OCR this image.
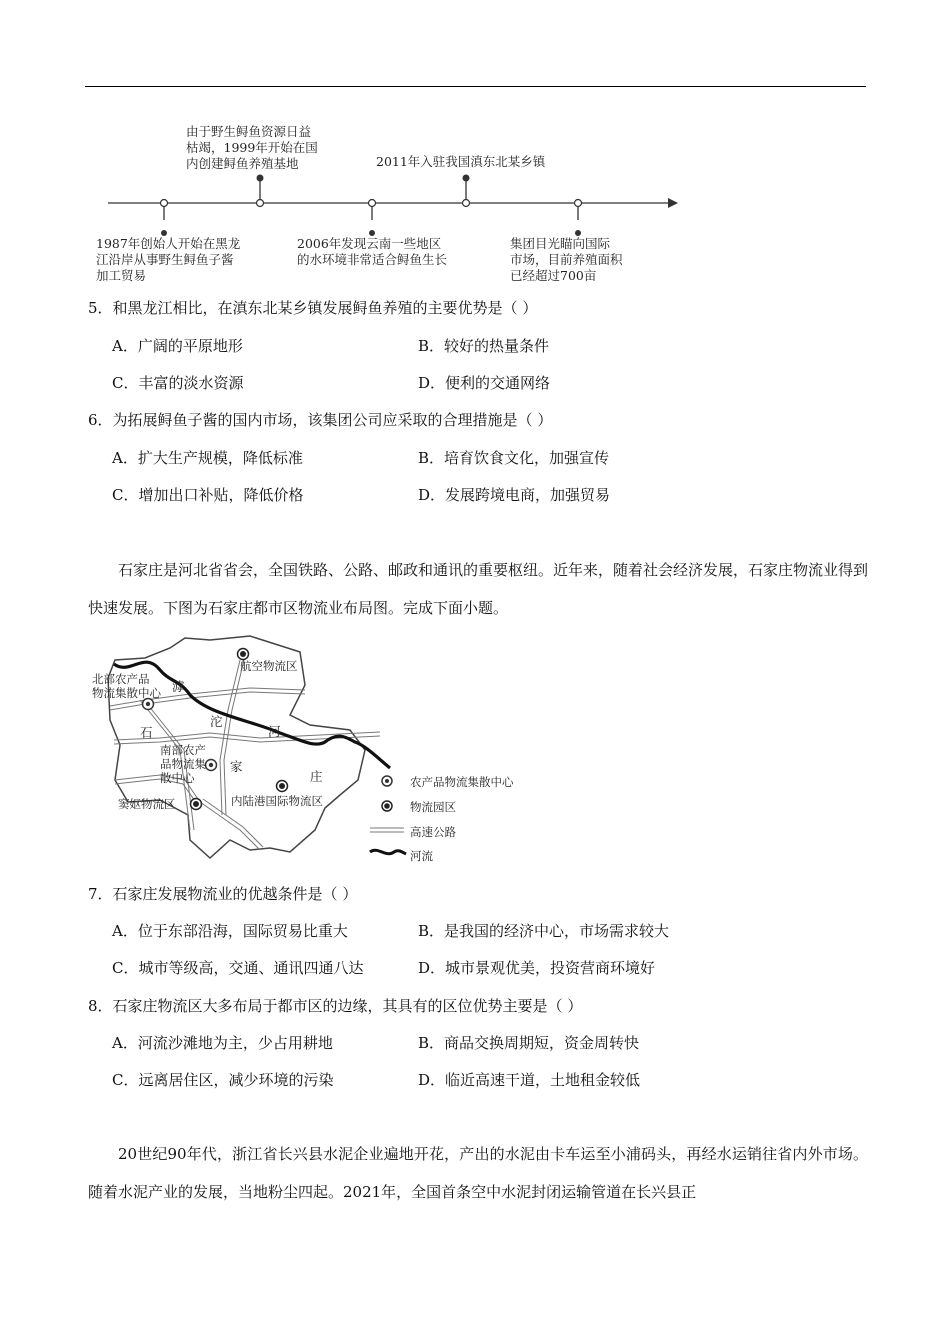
由于野生鲟鱼资源日益
枯竭，1999年开始在国
内创建鲟鱼养殖基地	2011年入驻我国滇东北某乡镇
1987年创始人开始在黑龙
江沿岸从事野生鲟鱼子酱
加工贸易
2006年发现云南一些地区
的水环境非常适合鲟鱼生长
集团目光瞄向国际
市场，目前养殖面积
已经超过700亩
5．和黑龙江相比，在滇东北某乡镇发展鲟鱼养殖的主要优势是（ ）
A．广阔的平原地形	B．较好的热量条件
C．丰富的淡水资源	D．便利的交通网络
6．为拓展鲟鱼子酱的国内市场，该集团公司应采取的合理措施是（ ）
A．扩大生产规模，降低标准	B．培育饮食文化，加强宣传
C．增加出口补贴，降低价格	D．发展跨境电商，加强贸易
石家庄是河北省省会，全国铁路、公路、邮政和通讯的重要枢纽。近年来，随着社会经济发展，石家庄物流业得到快速发展。下图为石家庄都市区物流业布局图。完成下面小题。
北部农产品
物流集散中心
航空物流区
南部农产
品物流集
散中心
窦妪物流区	内陆港国际物流区
石
家
庄
滹
沱
河
农产品物流集散中心
物流园区
高速公路
河流
7．石家庄发展物流业的优越条件是（ ）
A．位于东部沿海，国际贸易比重大	B．是我国的经济中心，市场需求较大
C．城市等级高，交通、通讯四通八达	D．城市景观优美，投资营商环境好
8．石家庄物流区大多布局于都市区的边缘，其具有的区位优势主要是（ ）
A．河流沙滩地为主，少占用耕地	B．商品交换周期短，资金周转快
C．远离居住区，减少环境的污染	D．临近高速干道，土地租金较低
20世纪90年代，浙江省长兴县水泥企业遍地开花，产出的水泥由卡车运至小浦码头，再经水运销往省内外市场。随着水泥产业的发展，当地粉尘四起。2021年，全国首条空中水泥封闭运输管道在长兴县正
